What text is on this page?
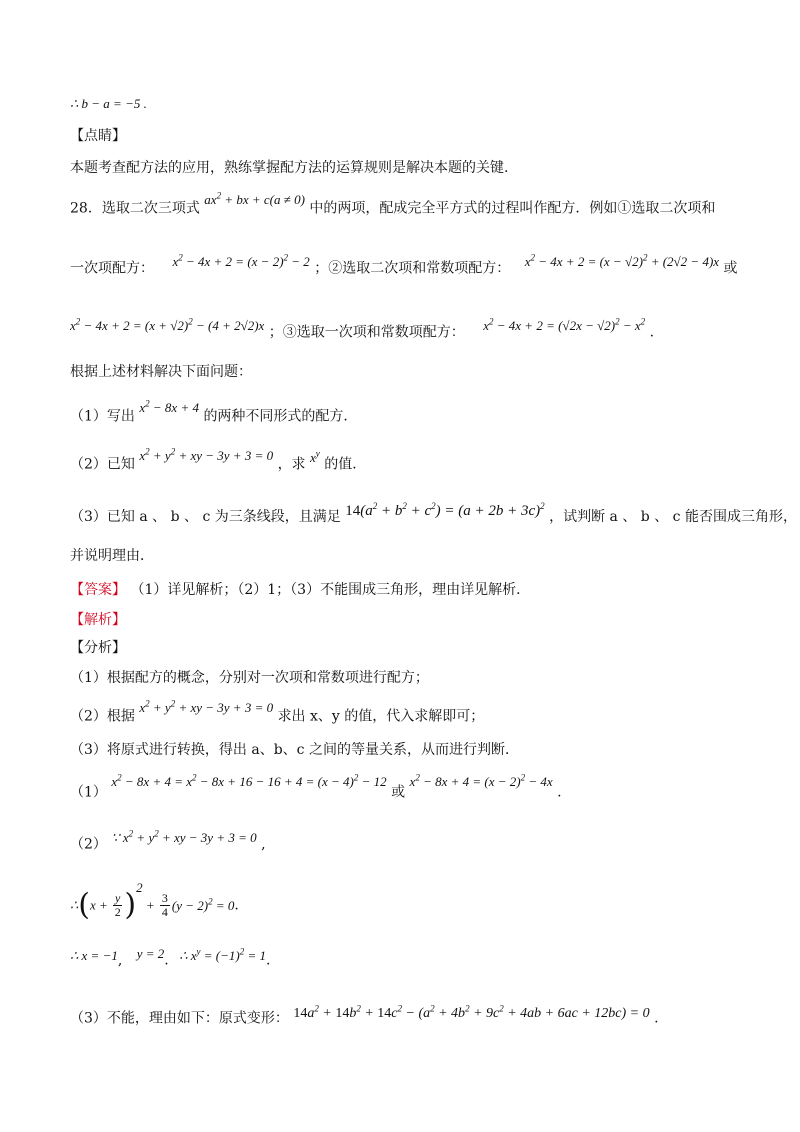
∴ b − a = −5 .
【点睛】
本题考查配方法的应用，熟练掌握配方法的运算规则是解决本题的关键.
28．选取二次三项式 $ax^2$ + bx + c(a ≠ 0) 中的两项，配成完全平方式的过程叫作配方．例如①选取二次项和
一次项配方： $x^2 - 4x + 2 = (x - 2)^2 - 2$ ；②选取二次项和常数项配方： $x^2 - 4x + 2 = (x - √2)^2 + (2√2 - 4)x$ 或
$x^2 - 4x + 2 = (x + √2)^2 - (4 + 2√2)x$ ；③选取一次项和常数项配方： $x^2 - 4x + 2 = (√2x - √2)^2 - x^2$ .
根据上述材料解决下面问题：
（1）写出 $x^2 - 8x + 4$ 的两种不同形式的配方．
（2）已知 $x^2 + y^2$ + xy − 3y + 3 = 0 ，求 $x^y$ 的值．
（3）已知 a 、 b 、 c 为三条线段，且满足 $14(a^2 + b^2 + c^2) = (a + 2b + 3c)^2$ ，试判断 a 、 b 、 c 能否围成三角形，
并说明理由．
【答案】 （1）详见解析；（2）1；（3）不能围成三角形，理由详见解析．
【解析】
【分析】
（1）根据配方的概念，分别对一次项和常数项进行配方；
（2）根据 $x^2 + y^2$ + xy − 3y + 3 = 0 求出 x、y 的值，代入求解即可；
（3）将原式进行转换，得出 a、b、c 之间的等量关系，从而进行判断．
（1） $x^2 - 8x + 4 = x^2 - 8x + 16 - 16 + 4 = (x - 4)^2 - 12$ 或 $x^2 - 8x + 4 = (x - 2)^2 - 4x$ .
（2） ∵ $x^2 + y^2$ + xy − 3y + 3 = 0 ,
∴(x + $\frac{y}{2} )^2 + \frac{3}{4} (y - 2)^2 = 0$.
∴ x = −1, y = 2. ∴ $x^y = (-1)^2 = 1$.
（3）不能，理由如下：原式变形： $14a^2 + 14b^2 + 14c^2 - (a^2 + 4b^2 + 9c^2 + 4ab + 6ac + 12bc) = 0$ .
